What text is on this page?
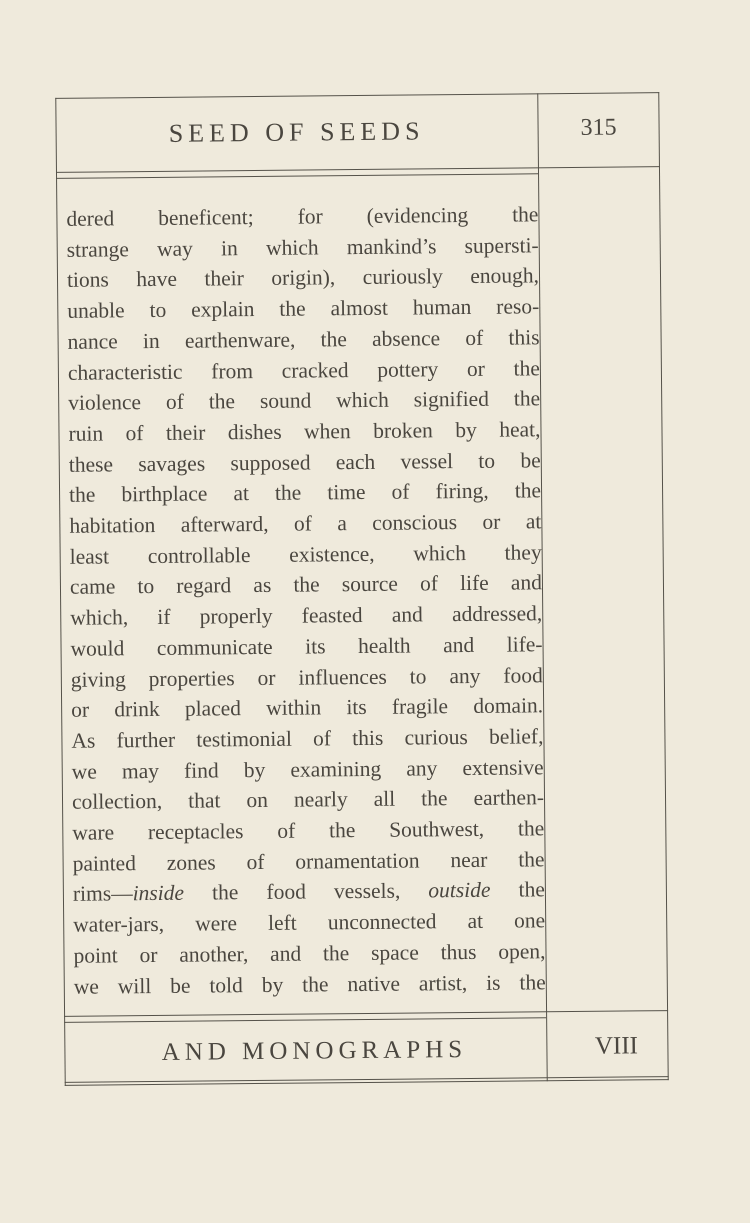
SEED OF SEEDS	315
dered beneficent; for (evidencing the
strange way in which mankind’s supersti-
tions have their origin), curiously enough,
unable to explain the almost human reso-
nance in earthenware, the absence of this
characteristic from cracked pottery or the
violence of the sound which signified the
ruin of their dishes when broken by heat,
these savages supposed each vessel to be
the birthplace at the time of firing, the
habitation afterward, of a conscious or at
least controllable existence, which they
came to regard as the source of life and
which, if properly feasted and addressed,
would communicate its health and life-
giving properties or influences to any food
or drink placed within its fragile domain.
As further testimonial of this curious belief,
we may find by examining any extensive
collection, that on nearly all the earthen-
ware receptacles of the Southwest, the
painted zones of ornamentation near the
rims—inside the food vessels, outside the
water-jars, were left unconnected at one
point or another, and the space thus open,
we will be told by the native artist, is the
AND MONOGRAPHS	VIII
